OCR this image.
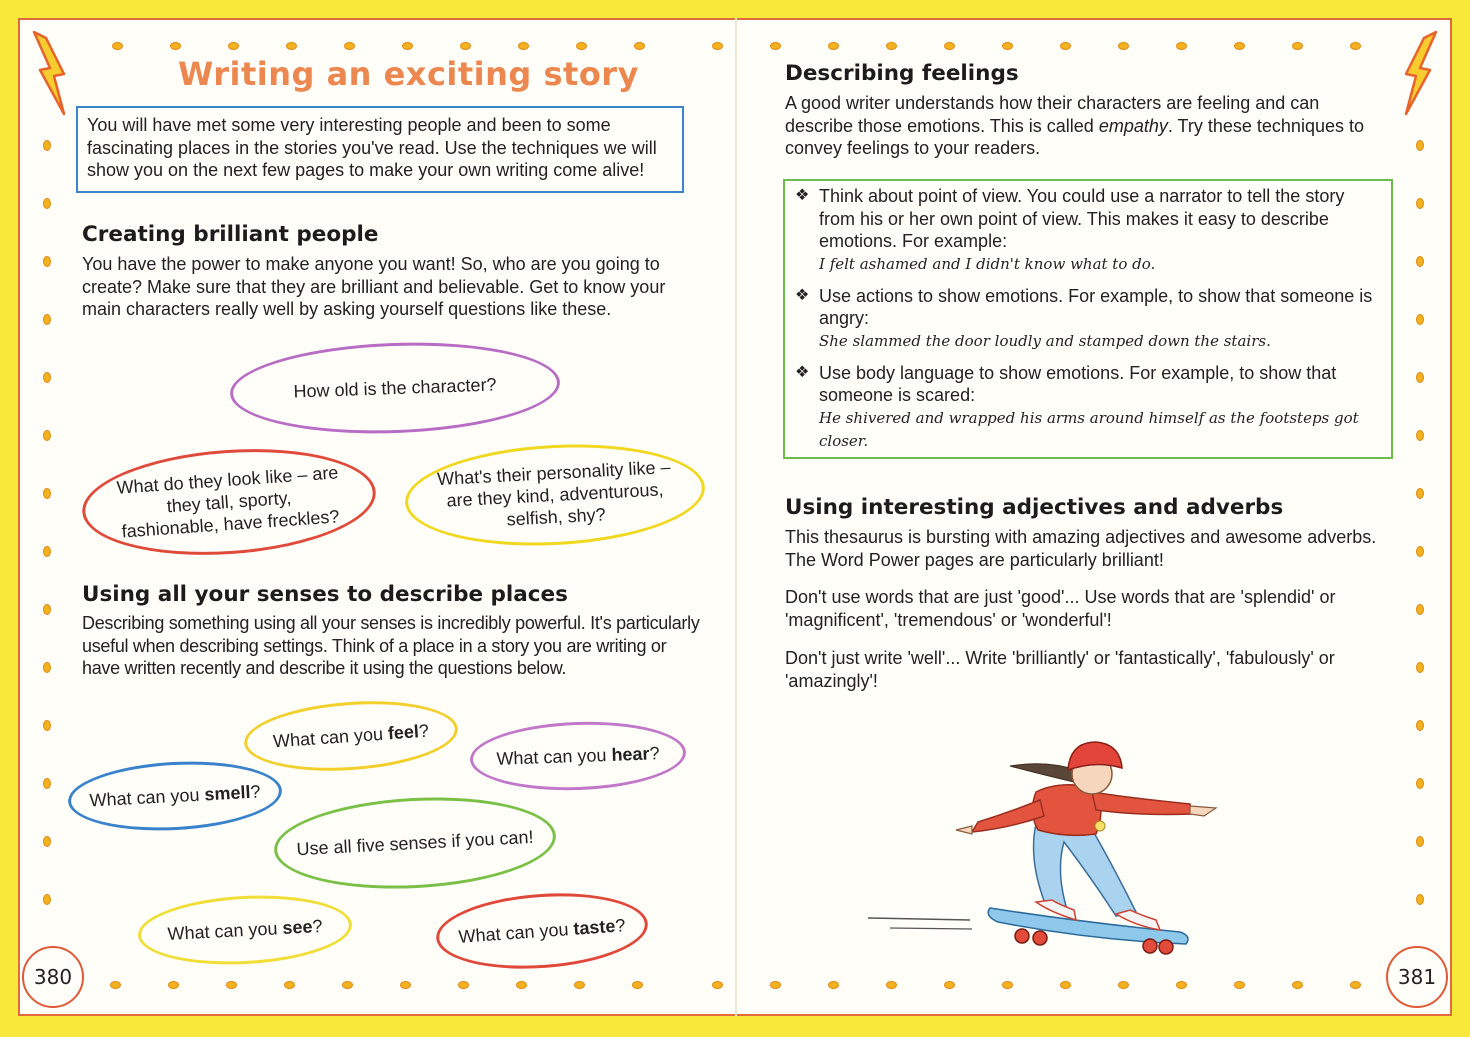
Writing an exciting story
You will have met some very interesting people and been to some fascinating places in the stories you've read. Use the techniques we will show you on the next few pages to make your own writing come alive!
Creating brilliant people
You have the power to make anyone you want! So, who are you going to create? Make sure that they are brilliant and believable. Get to know your main characters really well by asking yourself questions like these.
How old is the character?
What do they look like – are they tall, sporty, fashionable, have freckles?
What's their personality like – are they kind, adventurous, selfish, shy?
Using all your senses to describe places
Describing something using all your senses is incredibly powerful. It's particularly useful when describing settings. Think of a place in a story you are writing or have written recently and describe it using the questions below.
What can you feel?
What can you hear?
What can you smell?
Use all five senses if you can!
What can you see?	What can you taste?
380
Describing feelings
A good writer understands how their characters are feeling and can describe those emotions. This is called empathy. Try these techniques to convey feelings to your readers.
❖ Think about point of view. You could use a narrator to tell the story from his or her own point of view. This makes it easy to describe emotions. For example:
I felt ashamed and I didn't know what to do.
❖ Use actions to show emotions. For example, to show that someone is angry:
She slammed the door loudly and stamped down the stairs.
❖ Use body language to show emotions. For example, to show that someone is scared:
He shivered and wrapped his arms around himself as the footsteps got closer.
Using interesting adjectives and adverbs
This thesaurus is bursting with amazing adjectives and awesome adverbs. The Word Power pages are particularly brilliant!
Don't use words that are just 'good'... Use words that are 'splendid' or 'magnificent', 'tremendous' or 'wonderful'!
Don't just write 'well'... Write 'brilliantly' or 'fantastically', 'fabulously' or 'amazingly'!
381
